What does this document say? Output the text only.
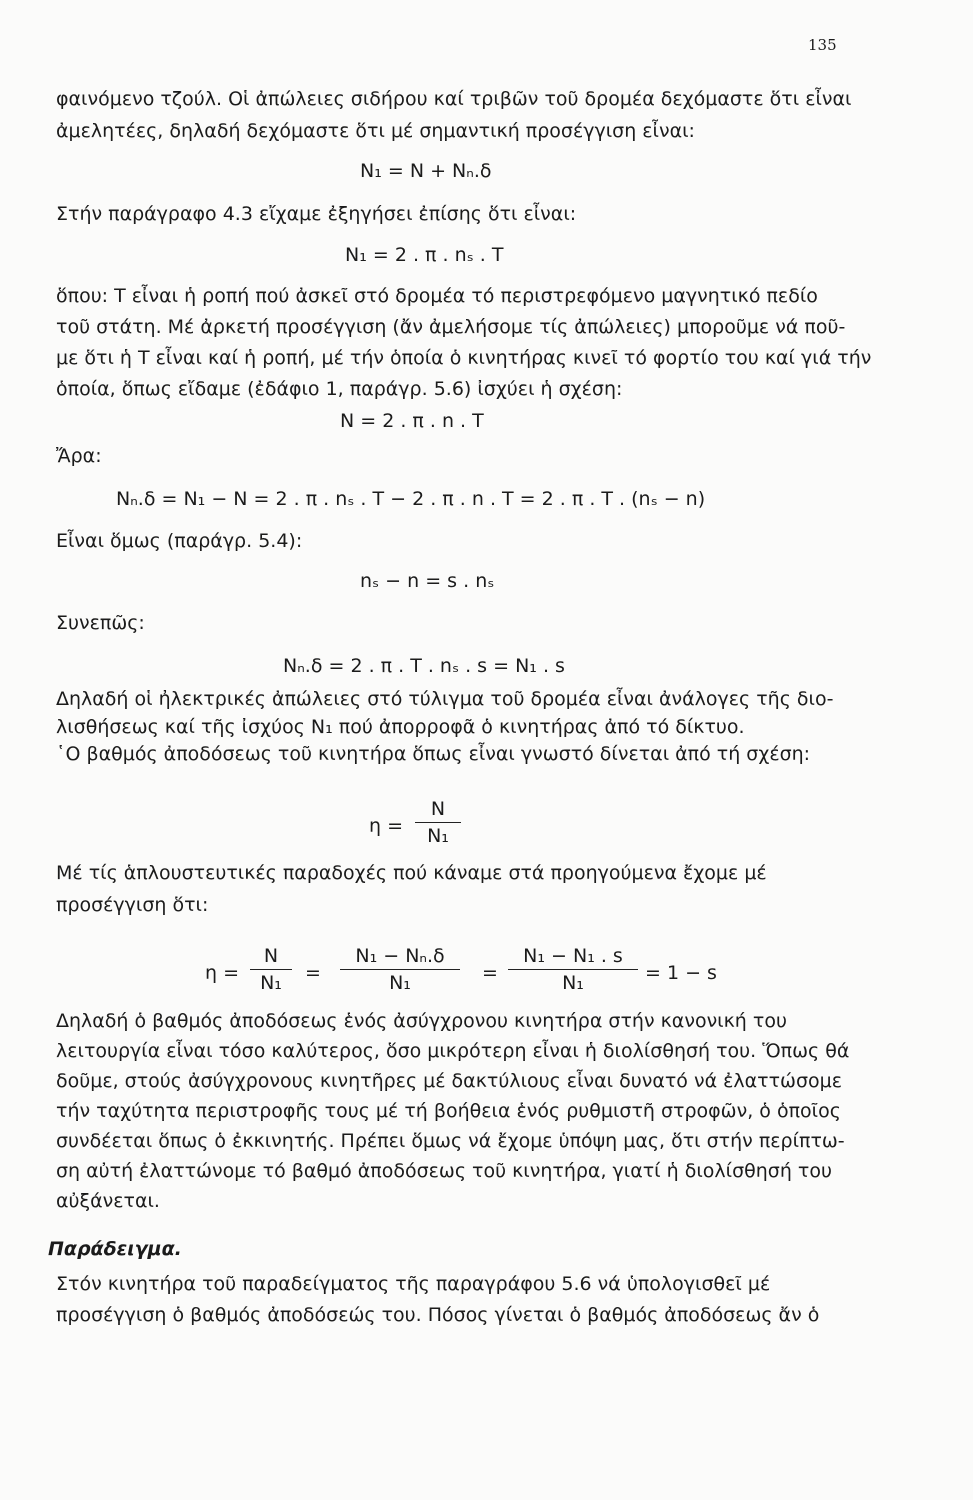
135
φαινόμενο τζούλ. Οἱ ἀπώλειες σιδήρου καί τριβῶν τοῦ δρομέα δεχόμαστε ὅτι εἶναι
ἀμελητέες, δηλαδή δεχόμαστε ὅτι μέ σημαντική προσέγγιση εἶναι:
N₁ = N + Nₙ.δ
Στήν παράγραφο 4.3 εἴχαμε ἐξηγήσει ἐπίσης ὅτι εἶναι:
N₁ = 2 . π . nₛ . T
ὅπου: Τ εἶναι ἡ ροπή πού ἀσκεῖ στό δρομέα τό περιστρεφόμενο μαγνητικό πεδίο
τοῦ στάτη. Μέ ἀρκετή προσέγγιση (ἄν ἀμελήσομε τίς ἀπώλειες) μποροῦμε νά ποῦ-
με ὅτι ἡ Τ εἶναι καί ἡ ροπή, μέ τήν ὁποία ὁ κινητήρας κινεῖ τό φορτίο του καί γιά τήν
ὁποία, ὅπως εἴδαμε (ἐδάφιο 1, παράγρ. 5.6) ἰσχύει ἡ σχέση:
N = 2 . π . n . T
Ἄρα:
Nₙ.δ = N₁ − N = 2 . π . nₛ . T − 2 . π . n . T = 2 . π . T . (nₛ − n)
Εἶναι ὅμως (παράγρ. 5.4):
nₛ − n = s . nₛ
Συνεπῶς:
Nₙ.δ = 2 . π . T . nₛ . s = N₁ . s
Δηλαδή οἱ ἠλεκτρικές ἀπώλειες στό τύλιγμα τοῦ δρομέα εἶναι ἀνάλογες τῆς διο-
λισθήσεως καί τῆς ἰσχύος Ν₁ πού ἀπορροφᾶ ὁ κινητήρας ἀπό τό δίκτυο.
῾Ο βαθμός ἀποδόσεως τοῦ κινητήρα ὅπως εἶναι γνωστό δίνεται ἀπό τή σχέση:
η =
N
N₁
Μέ τίς ἁπλουστευτικές παραδοχές πού κάναμε στά προηγούμενα ἔχομε μέ
προσέγγιση ὅτι:
η =
N
N₁	=
N₁ − Nₙ.δ
N₁	=
N₁ − N₁ . s
N₁	= 1 − s
Δηλαδή ὁ βαθμός ἀποδόσεως ἑνός ἀσύγχρονου κινητήρα στήν κανονική του
λειτουργία εἶναι τόσο καλύτερος, ὅσο μικρότερη εἶναι ἡ διολίσθησή του. Ὅπως θά
δοῦμε, στούς ἀσύγχρονους κινητῆρες μέ δακτύλιους εἶναι δυνατό νά ἐλαττώσομε
τήν ταχύτητα περιστροφῆς τους μέ τή βοήθεια ἑνός ρυθμιστῆ στροφῶν, ὁ ὁποῖος
συνδέεται ὅπως ὁ ἐκκινητής. Πρέπει ὅμως νά ἔχομε ὑπόψη μας, ὅτι στήν περίπτω-
ση αὐτή ἐλαττώνομε τό βαθμό ἀποδόσεως τοῦ κινητήρα, γιατί ἡ διολίσθησή του
αὐξάνεται.
Παράδειγμα.
Στόν κινητήρα τοῦ παραδείγματος τῆς παραγράφου 5.6 νά ὑπολογισθεῖ μέ
προσέγγιση ὁ βαθμός ἀποδόσεώς του. Πόσος γίνεται ὁ βαθμός ἀποδόσεως ἄν ὁ
